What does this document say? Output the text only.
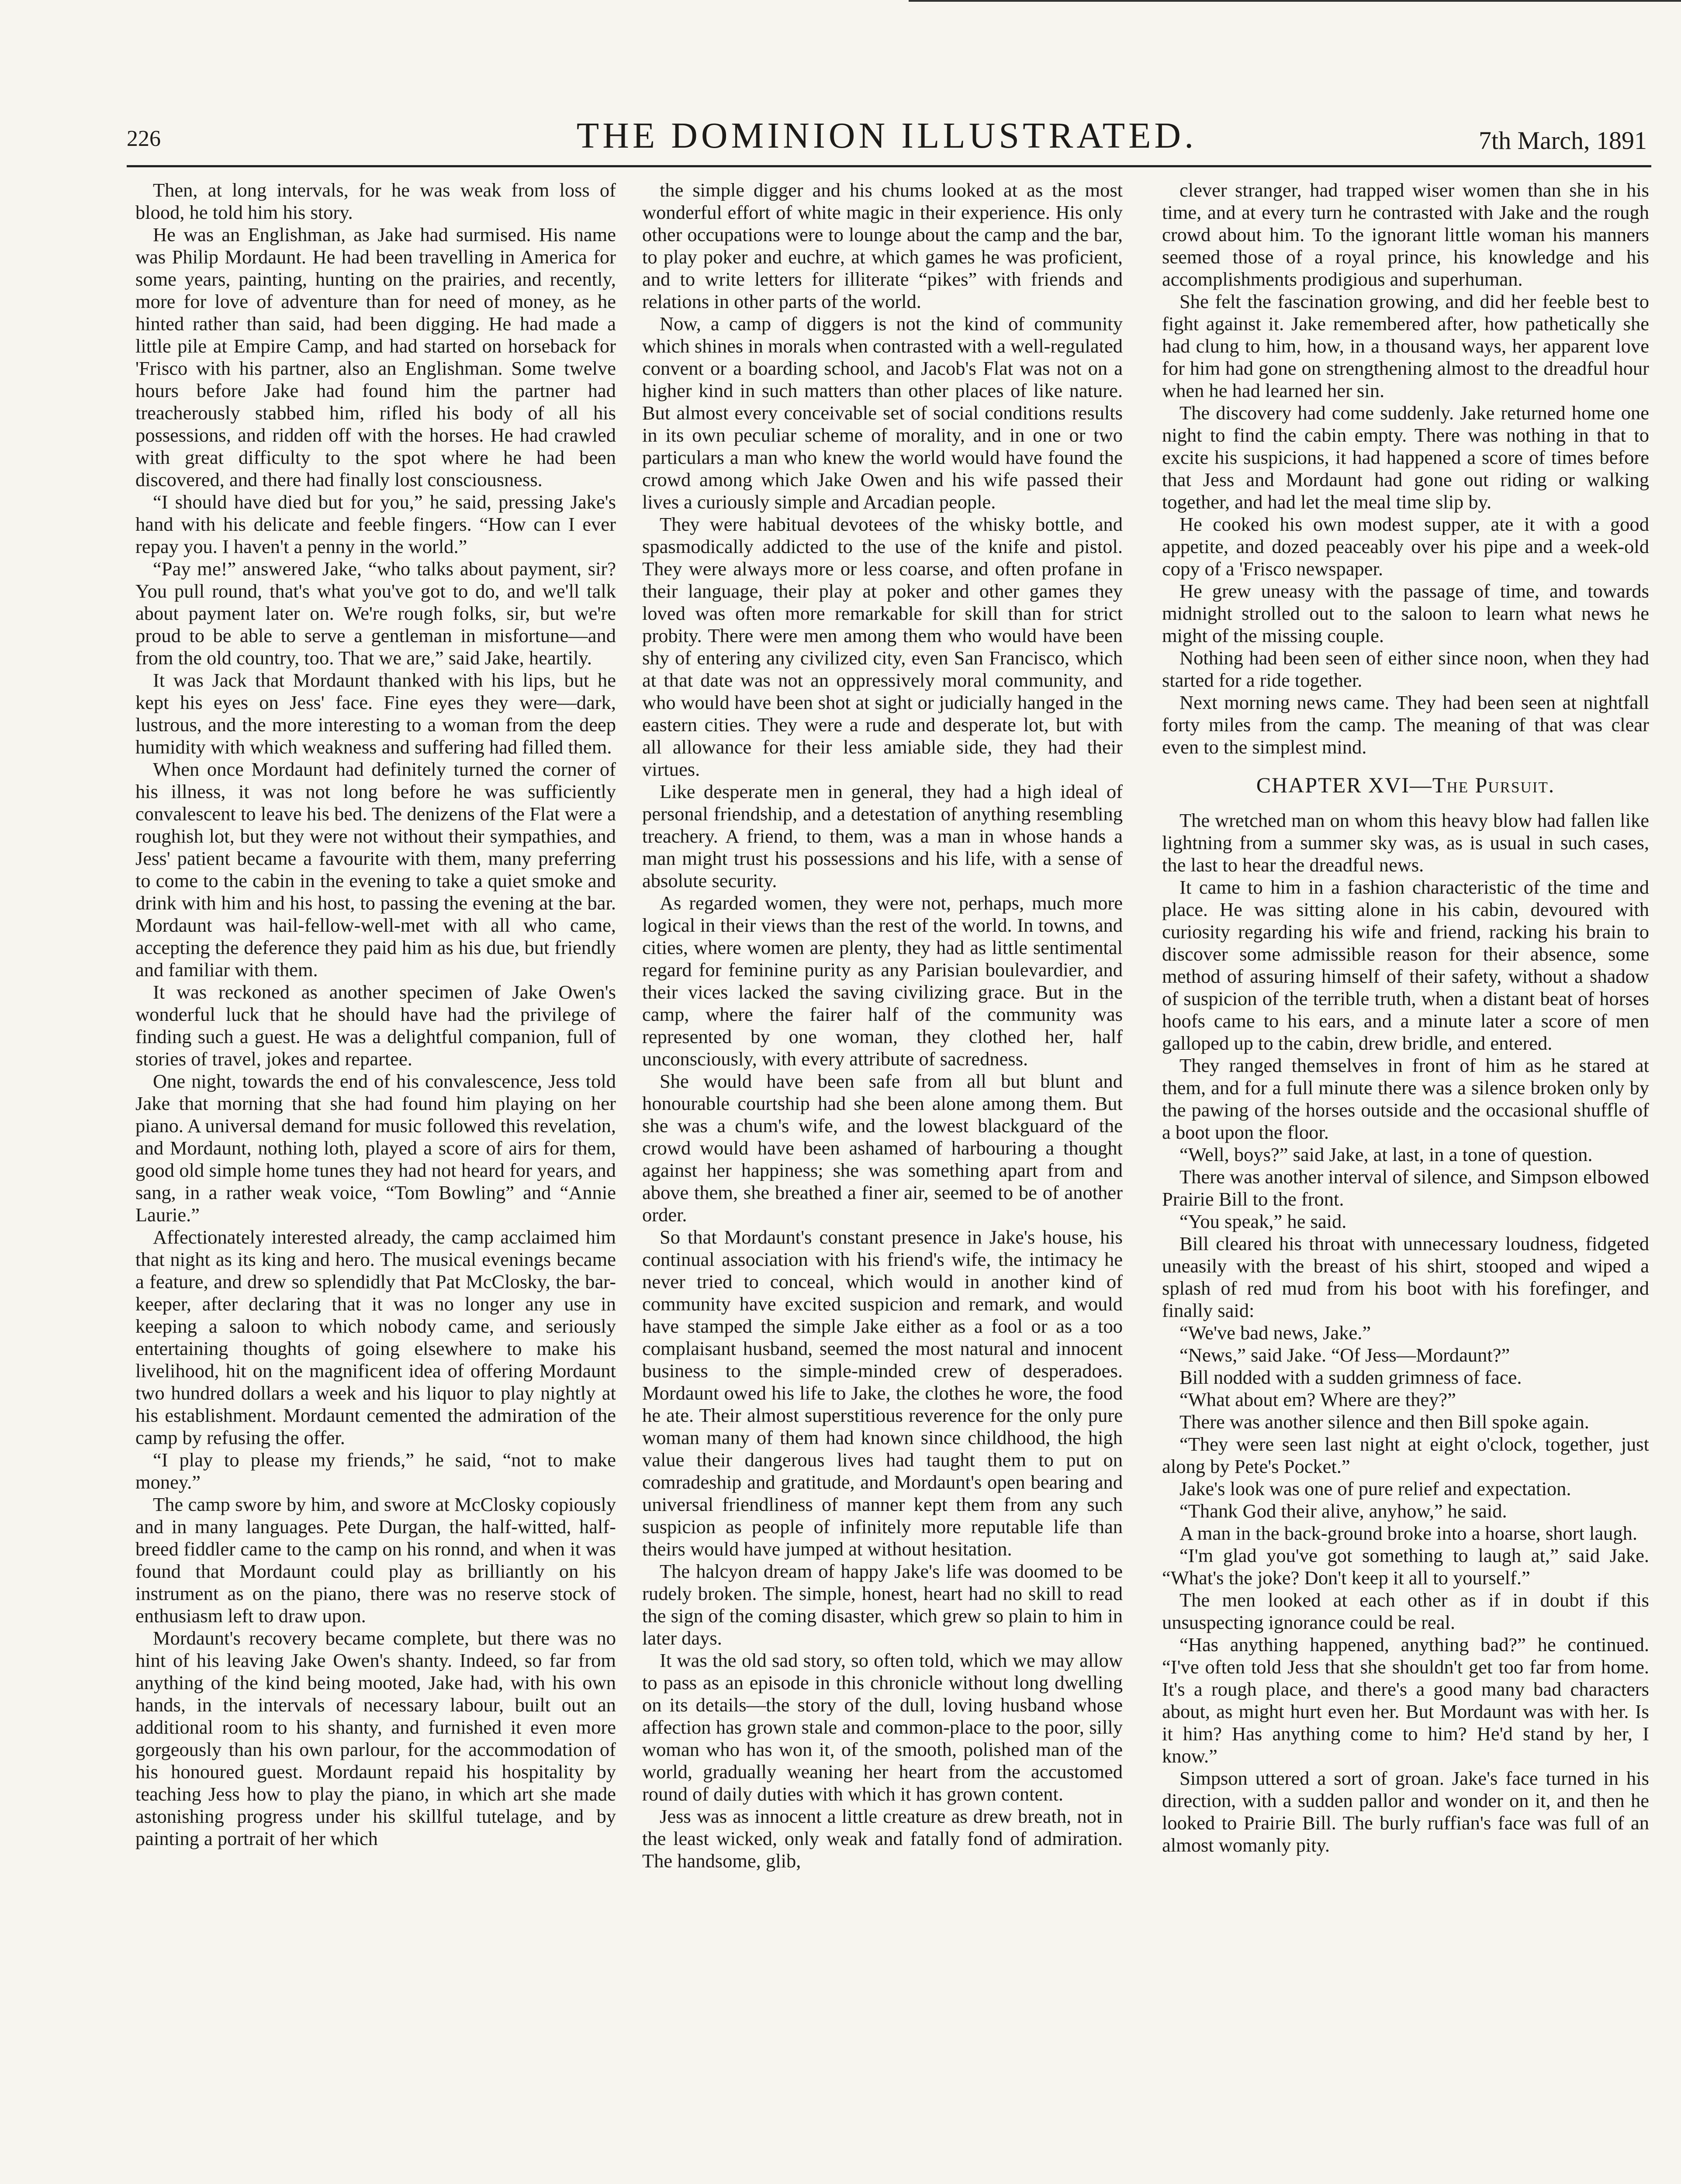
226	THE DOMINION ILLUSTRATED.	7th March, 1891

Then, at long intervals, for he was weak from loss of blood, he told him his story.

He was an Englishman, as Jake had surmised. His name was Philip Mordaunt. He had been travelling in America for some years, painting, hunting on the prairies, and recently, more for love of adventure than for need of money, as he hinted rather than said, had been digging. He had made a little pile at Empire Camp, and had started on horseback for 'Frisco with his partner, also an Englishman. Some twelve hours before Jake had found him the partner had treacherously stabbed him, rifled his body of all his possessions, and ridden off with the horses. He had crawled with great difficulty to the spot where he had been discovered, and there had finally lost consciousness.

“I should have died but for you,” he said, pressing Jake's hand with his delicate and feeble fingers. “How can I ever repay you. I haven't a penny in the world.”

“Pay me!” answered Jake, “who talks about payment, sir? You pull round, that's what you've got to do, and we'll talk about payment later on. We're rough folks, sir, but we're proud to be able to serve a gentleman in misfortune—and from the old country, too. That we are,” said Jake, heartily.

It was Jack that Mordaunt thanked with his lips, but he kept his eyes on Jess' face. Fine eyes they were—dark, lustrous, and the more interesting to a woman from the deep humidity with which weakness and suffering had filled them.

When once Mordaunt had definitely turned the corner of his illness, it was not long before he was sufficiently convalescent to leave his bed. The denizens of the Flat were a roughish lot, but they were not without their sympathies, and Jess' patient became a favourite with them, many preferring to come to the cabin in the evening to take a quiet smoke and drink with him and his host, to passing the evening at the bar. Mordaunt was hail-fellow-well-met with all who came, accepting the deference they paid him as his due, but friendly and familiar with them.

It was reckoned as another specimen of Jake Owen's wonderful luck that he should have had the privilege of finding such a guest. He was a delightful companion, full of stories of travel, jokes and repartee.

One night, towards the end of his convalescence, Jess told Jake that morning that she had found him playing on her piano. A universal demand for music followed this revelation, and Mordaunt, nothing loth, played a score of airs for them, good old simple home tunes they had not heard for years, and sang, in a rather weak voice, “Tom Bowling” and “Annie Laurie.”

Affectionately interested already, the camp acclaimed him that night as its king and hero. The musical evenings became a feature, and drew so splendidly that Pat McClosky, the bar-keeper, after declaring that it was no longer any use in keeping a saloon to which nobody came, and seriously entertaining thoughts of going elsewhere to make his livelihood, hit on the magnificent idea of offering Mordaunt two hundred dollars a week and his liquor to play nightly at his establishment. Mordaunt cemented the admiration of the camp by refusing the offer.

“I play to please my friends,” he said, “not to make money.”

The camp swore by him, and swore at McClosky copiously and in many languages. Pete Durgan, the half-witted, half-breed fiddler came to the camp on his ronnd, and when it was found that Mordaunt could play as brilliantly on his instrument as on the piano, there was no reserve stock of enthusiasm left to draw upon.

Mordaunt's recovery became complete, but there was no hint of his leaving Jake Owen's shanty. Indeed, so far from anything of the kind being mooted, Jake had, with his own hands, in the intervals of necessary labour, built out an additional room to his shanty, and furnished it even more gorgeously than his own parlour, for the accommodation of his honoured guest. Mordaunt repaid his hospitality by teaching Jess how to play the piano, in which art she made astonishing progress under his skillful tutelage, and by painting a portrait of her which

the simple digger and his chums looked at as the most wonderful effort of white magic in their experience. His only other occupations were to lounge about the camp and the bar, to play poker and euchre, at which games he was proficient, and to write letters for illiterate “pikes” with friends and relations in other parts of the world.

Now, a camp of diggers is not the kind of community which shines in morals when contrasted with a well-regulated convent or a boarding school, and Jacob's Flat was not on a higher kind in such matters than other places of like nature. But almost every conceivable set of social conditions results in its own peculiar scheme of morality, and in one or two particulars a man who knew the world would have found the crowd among which Jake Owen and his wife passed their lives a curiously simple and Arcadian people.

They were habitual devotees of the whisky bottle, and spasmodically addicted to the use of the knife and pistol. They were always more or less coarse, and often profane in their language, their play at poker and other games they loved was often more remarkable for skill than for strict probity. There were men among them who would have been shy of entering any civilized city, even San Francisco, which at that date was not an oppressively moral community, and who would have been shot at sight or judicially hanged in the eastern cities. They were a rude and desperate lot, but with all allowance for their less amiable side, they had their virtues.

Like desperate men in general, they had a high ideal of personal friendship, and a detestation of anything resembling treachery. A friend, to them, was a man in whose hands a man might trust his possessions and his life, with a sense of absolute security.

As regarded women, they were not, perhaps, much more logical in their views than the rest of the world. In towns, and cities, where women are plenty, they had as little sentimental regard for feminine purity as any Parisian boulevardier, and their vices lacked the saving civilizing grace. But in the camp, where the fairer half of the community was represented by one woman, they clothed her, half unconsciously, with every attribute of sacredness.

She would have been safe from all but blunt and honourable courtship had she been alone among them. But she was a chum's wife, and the lowest blackguard of the crowd would have been ashamed of harbouring a thought against her happiness; she was something apart from and above them, she breathed a finer air, seemed to be of another order.

So that Mordaunt's constant presence in Jake's house, his continual association with his friend's wife, the intimacy he never tried to conceal, which would in another kind of community have excited suspicion and remark, and would have stamped the simple Jake either as a fool or as a too complaisant husband, seemed the most natural and innocent business to the simple-minded crew of desperadoes. Mordaunt owed his life to Jake, the clothes he wore, the food he ate. Their almost superstitious reverence for the only pure woman many of them had known since childhood, the high value their dangerous lives had taught them to put on comradeship and gratitude, and Mordaunt's open bearing and universal friendliness of manner kept them from any such suspicion as people of infinitely more reputable life than theirs would have jumped at without hesitation.

The halcyon dream of happy Jake's life was doomed to be rudely broken. The simple, honest, heart had no skill to read the sign of the coming disaster, which grew so plain to him in later days.

It was the old sad story, so often told, which we may allow to pass as an episode in this chronicle without long dwelling on its details—the story of the dull, loving husband whose affection has grown stale and common-place to the poor, silly woman who has won it, of the smooth, polished man of the world, gradually weaning her heart from the accustomed round of daily duties with which it has grown content.

Jess was as innocent a little creature as drew breath, not in the least wicked, only weak and fatally fond of admiration. The handsome, glib,

clever stranger, had trapped wiser women than she in his time, and at every turn he contrasted with Jake and the rough crowd about him. To the ignorant little woman his manners seemed those of a royal prince, his knowledge and his accomplishments prodigious and superhuman.

She felt the fascination growing, and did her feeble best to fight against it. Jake remembered after, how pathetically she had clung to him, how, in a thousand ways, her apparent love for him had gone on strengthening almost to the dreadful hour when he had learned her sin.

The discovery had come suddenly. Jake returned home one night to find the cabin empty. There was nothing in that to excite his suspicions, it had happened a score of times before that Jess and Mordaunt had gone out riding or walking together, and had let the meal time slip by.

He cooked his own modest supper, ate it with a good appetite, and dozed peaceably over his pipe and a week-old copy of a 'Frisco newspaper.

He grew uneasy with the passage of time, and towards midnight strolled out to the saloon to learn what news he might of the missing couple.

Nothing had been seen of either since noon, when they had started for a ride together.

Next morning news came. They had been seen at nightfall forty miles from the camp. The meaning of that was clear even to the simplest mind.

CHAPTER XVI—The Pursuit.

The wretched man on whom this heavy blow had fallen like lightning from a summer sky was, as is usual in such cases, the last to hear the dreadful news.

It came to him in a fashion characteristic of the time and place. He was sitting alone in his cabin, devoured with curiosity regarding his wife and friend, racking his brain to discover some admissible reason for their absence, some method of assuring himself of their safety, without a shadow of suspicion of the terrible truth, when a distant beat of horses hoofs came to his ears, and a minute later a score of men galloped up to the cabin, drew bridle, and entered.

They ranged themselves in front of him as he stared at them, and for a full minute there was a silence broken only by the pawing of the horses outside and the occasional shuffle of a boot upon the floor.

“Well, boys?” said Jake, at last, in a tone of question.

There was another interval of silence, and Simpson elbowed Prairie Bill to the front.

“You speak,” he said.

Bill cleared his throat with unnecessary loudness, fidgeted uneasily with the breast of his shirt, stooped and wiped a splash of red mud from his boot with his forefinger, and finally said:

“We've bad news, Jake.”

“News,” said Jake. “Of Jess—Mordaunt?”

Bill nodded with a sudden grimness of face.

“What about em? Where are they?”

There was another silence and then Bill spoke again.

“They were seen last night at eight o'clock, together, just along by Pete's Pocket.”

Jake's look was one of pure relief and expectation.

“Thank God their alive, anyhow,” he said.

A man in the back-ground broke into a hoarse, short laugh.

“I'm glad you've got something to laugh at,” said Jake. “What's the joke? Don't keep it all to yourself.”

The men looked at each other as if in doubt if this unsuspecting ignorance could be real.

“Has anything happened, anything bad?” he continued. “I've often told Jess that she shouldn't get too far from home. It's a rough place, and there's a good many bad characters about, as might hurt even her. But Mordaunt was with her. Is it him? Has anything come to him? He'd stand by her, I know.”

Simpson uttered a sort of groan. Jake's face turned in his direction, with a sudden pallor and wonder on it, and then he looked to Prairie Bill. The burly ruffian's face was full of an almost womanly pity.
